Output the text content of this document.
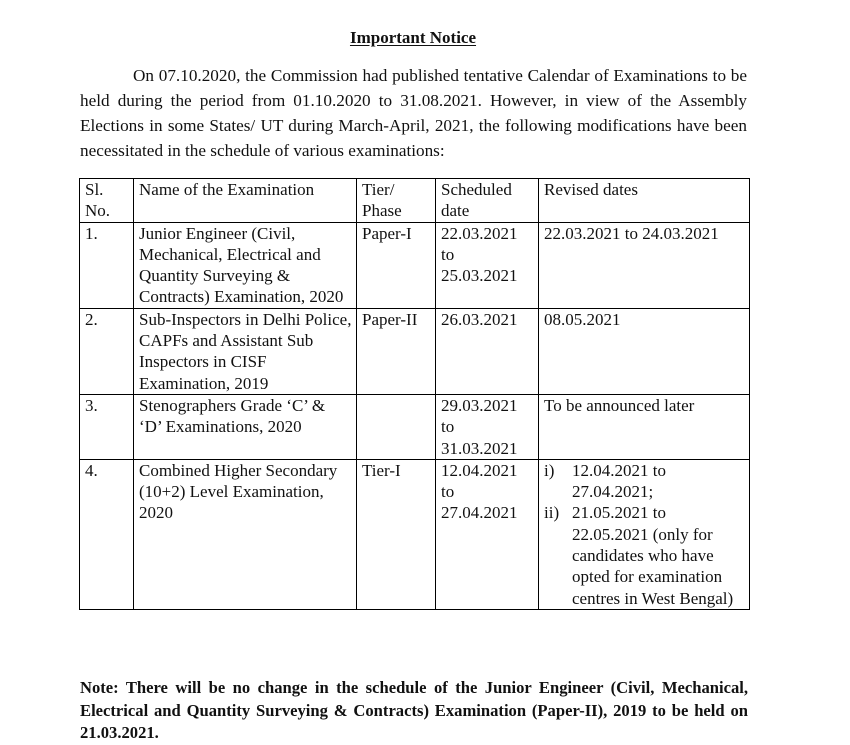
Important Notice

On 07.10.2020, the Commission had published tentative Calendar of Examinations to be held during the period from 01.10.2020 to 31.08.2021. However, in view of the Assembly Elections in some States/ UT during March-April, 2021, the following modifications have been necessitated in the schedule of various examinations:

Sl. No.	Name of the Examination	Tier/ Phase	Scheduled date	Revised dates
1.	Junior Engineer (Civil, Mechanical, Electrical and Quantity Surveying & Contracts) Examination, 2020	Paper-I	22.03.2021 to 25.03.2021	22.03.2021 to 24.03.2021
2.	Sub-Inspectors in Delhi Police, CAPFs and Assistant Sub Inspectors in CISF Examination, 2019	Paper-II	26.03.2021	08.05.2021
3.	Stenographers Grade ‘C’ & ‘D’ Examinations, 2020		29.03.2021 to 31.03.2021	To be announced later
4.	Combined Higher Secondary (10+2) Level Examination, 2020	Tier-I	12.04.2021 to 27.04.2021	i) 12.04.2021 to 27.04.2021;
ii) 21.05.2021 to 22.05.2021 (only for candidates who have opted for examination centres in West Bengal)

Note: There will be no change in the schedule of the Junior Engineer (Civil, Mechanical, Electrical and Quantity Surveying & Contracts) Examination (Paper-II), 2019 to be held on 21.03.2021.
